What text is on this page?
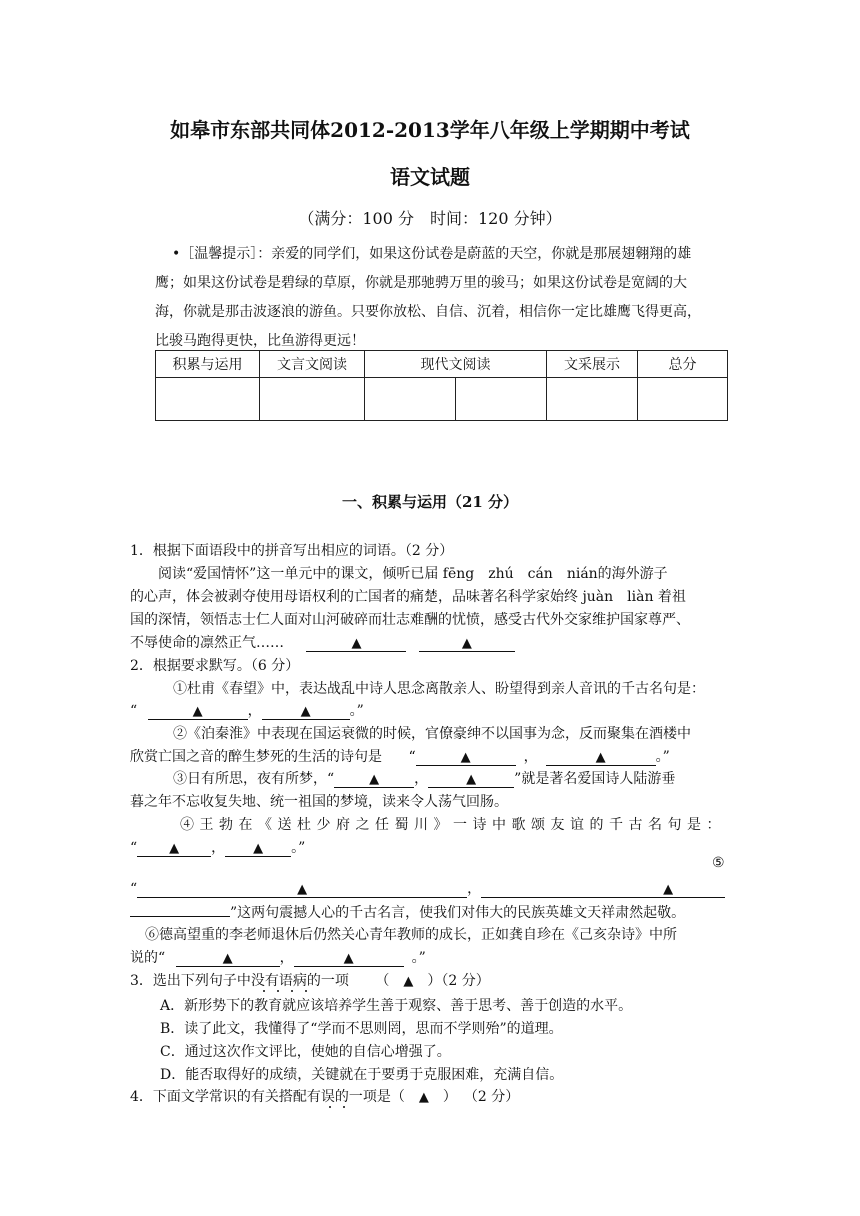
如皋市东部共同体2012-2013学年八年级上学期期中考试
语文试题
（满分：100 分　时间：120 分钟）
•［温馨提示］：亲爱的同学们，如果这份试卷是蔚蓝的天空，你就是那展翅翱翔的雄
鹰；如果这份试卷是碧绿的草原，你就是那驰骋万里的骏马；如果这份试卷是宽阔的大
海，你就是那击波逐浪的游鱼。只要你放松、自信、沉着，相信你一定比雄鹰飞得更高，
比骏马跑得更快，比鱼游得更远！
积累与运用	文言文阅读	现代文阅读		文采展示	总分

一、积累与运用（21 分）
1．根据下面语段中的拼音写出相应的词语。（2 分）
阅读“爱国情怀”这一单元中的课文，倾听已届 fēng　zhú　cán　nián的海外游子
的心声，体会被剥夺使用母语权利的亡国者的痛楚，品味著名科学家始终 juàn　liàn 着祖
国的深情，领悟志士仁人面对山河破碎而壮志难酬的忧愤，感受古代外交家维护国家尊严、
不辱使命的凛然正气……	▲	▲
2．根据要求默写。（6 分）
①杜甫《春望》中，表达战乱中诗人思念离散亲人、盼望得到亲人音讯的千古名句是：
“	▲	，	▲	。”
②《泊秦淮》中表现在国运衰微的时候，官僚豪绅不以国事为念，反而聚集在酒楼中
欣赏亡国之音的醉生梦死的生活的诗句是 “	▲	，	▲	。”
③日有所思，夜有所梦，“	▲	，	▲	”就是著名爱国诗人陆游垂
暮之年不忘收复失地、统一祖国的梦境，读来令人荡气回肠。
④王勃在《送杜少府之任蜀川》一诗中歌颂友谊的千古名句是：
“ ▲ ， ▲ 。”
⑤
“	▲	，	▲
”这两句震撼人心的千古名言，使我们对伟大的民族英雄文天祥肃然起敬。
⑥德高望重的李老师退休后仍然关心青年教师的成长，正如龚自珍在《己亥杂诗》中所
说的“	▲	，	▲	。”
3．选出下列句子中没有语病的一项 （　▲　）（2 分）
A．新形势下的教育就应该培养学生善于观察、善于思考、善于创造的水平。
B．读了此文，我懂得了“学而不思则罔，思而不学则殆”的道理。
C．通过这次作文评比，使她的自信心增强了。
D．能否取得好的成绩，关键就在于要勇于克服困难，充满自信。
4．下面文学常识的有关搭配有误的一项是（ ▲　） （2 分）
